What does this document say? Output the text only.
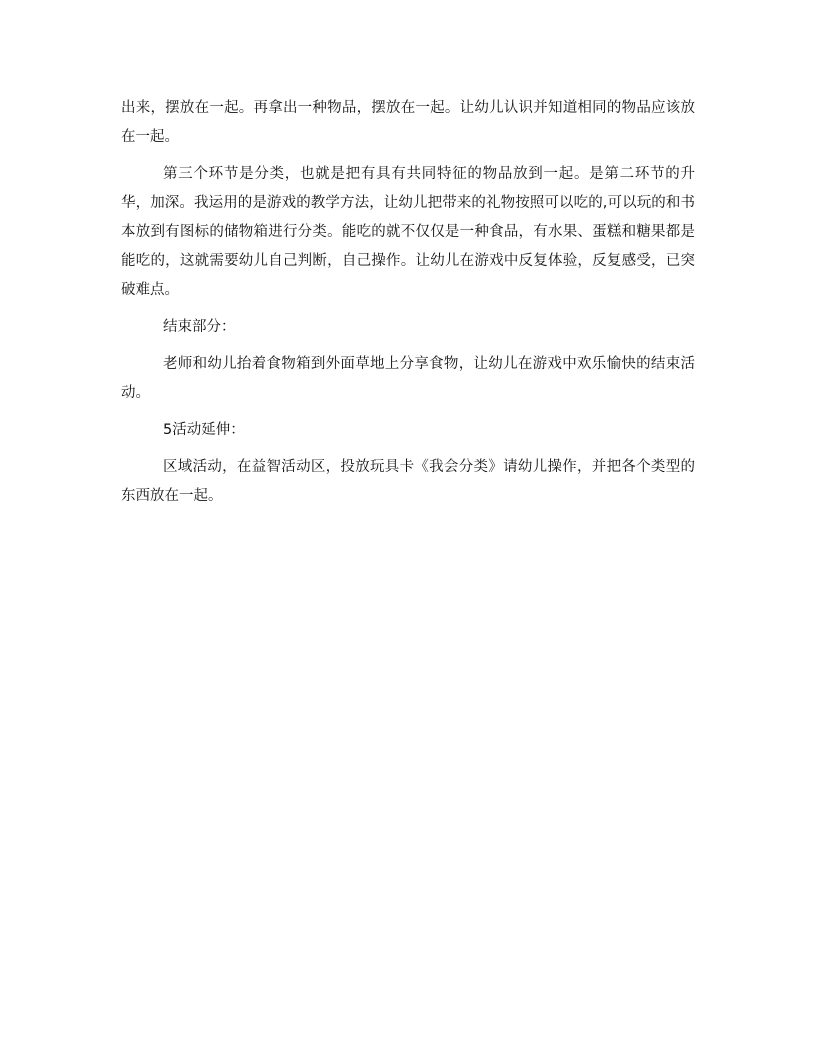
出来，摆放在一起。再拿出一种物品，摆放在一起。让幼儿认识并知道相同的物品应该放在一起。

第三个环节是分类，也就是把有具有共同特征的物品放到一起。是第二环节的升华，加深。我运用的是游戏的教学方法，让幼儿把带来的礼物按照可以吃的,可以玩的和书本放到有图标的储物箱进行分类。能吃的就不仅仅是一种食品，有水果、蛋糕和糖果都是能吃的，这就需要幼儿自己判断，自己操作。让幼儿在游戏中反复体验，反复感受，已突破难点。

结束部分：

老师和幼儿抬着食物箱到外面草地上分享食物，让幼儿在游戏中欢乐愉快的结束活动。

5活动延伸：

区域活动，在益智活动区，投放玩具卡《我会分类》请幼儿操作，并把各个类型的东西放在一起。
